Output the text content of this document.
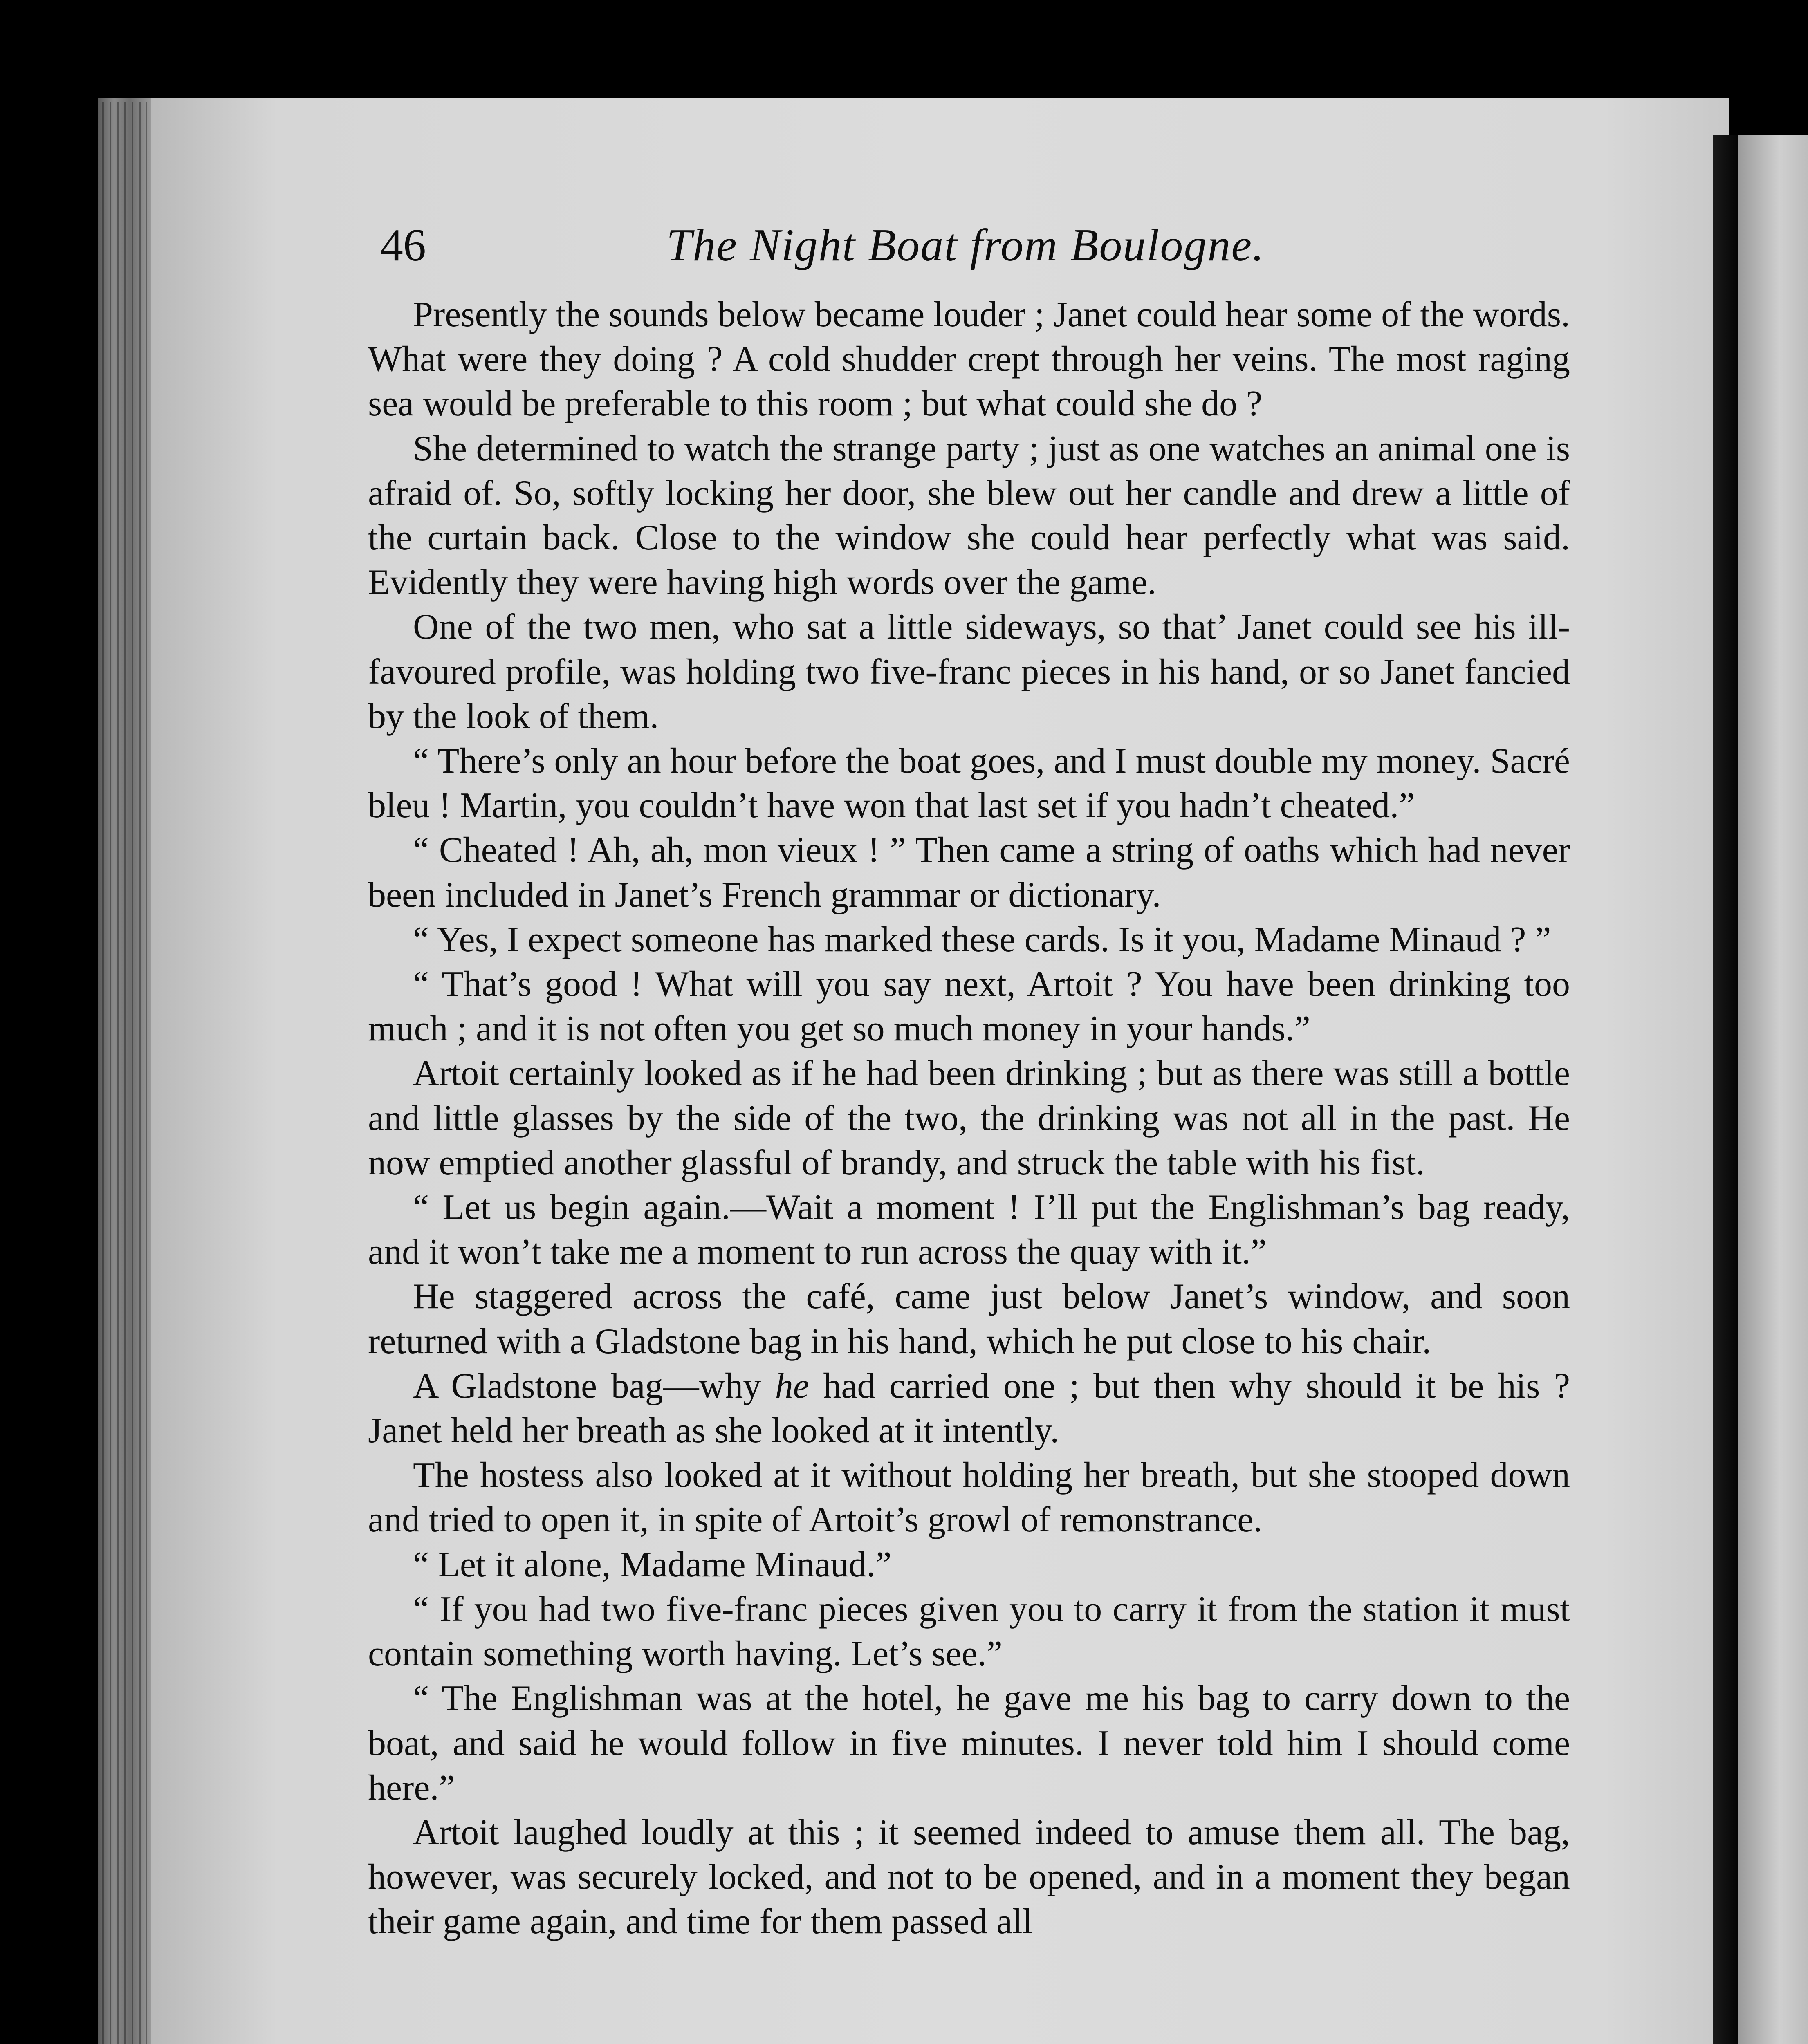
46	The Night Boat from Boulogne.

Presently the sounds below became louder ; Janet could hear some of the words. What were they doing ? A cold shudder crept through her veins. The most raging sea would be preferable to this room ; but what could she do ?

She determined to watch the strange party ; just as one watches an animal one is afraid of. So, softly locking her door, she blew out her candle and drew a little of the curtain back. Close to the window she could hear perfectly what was said. Evidently they were having high words over the game.

One of the two men, who sat a little sideways, so that’ Janet could see his ill-favoured profile, was holding two five-franc pieces in his hand, or so Janet fancied by the look of them.

“ There’s only an hour before the boat goes, and I must double my money. Sacré bleu ! Martin, you couldn’t have won that last set if you hadn’t cheated.”

“ Cheated ! Ah, ah, mon vieux ! ” Then came a string of oaths which had never been included in Janet’s French grammar or dictionary.

“ Yes, I expect someone has marked these cards. Is it you, Madame Minaud ? ”

“ That’s good ! What will you say next, Artoit ? You have been drinking too much ; and it is not often you get so much money in your hands.”

Artoit certainly looked as if he had been drinking ; but as there was still a bottle and little glasses by the side of the two, the drinking was not all in the past. He now emptied another glassful of brandy, and struck the table with his fist.

“ Let us begin again.—Wait a moment ! I’ll put the Englishman’s bag ready, and it won’t take me a moment to run across the quay with it.”

He staggered across the café, came just below Janet’s window, and soon returned with a Gladstone bag in his hand, which he put close to his chair.

A Gladstone bag—why he had carried one ; but then why should it be his ? Janet held her breath as she looked at it intently.

The hostess also looked at it without holding her breath, but she stooped down and tried to open it, in spite of Artoit’s growl of remonstrance.

“ Let it alone, Madame Minaud.”

“ If you had two five-franc pieces given you to carry it from the station it must contain something worth having. Let’s see.”

“ The Englishman was at the hotel, he gave me his bag to carry down to the boat, and said he would follow in five minutes. I never told him I should come here.”

Artoit laughed loudly at this ; it seemed indeed to amuse them all. The bag, however, was securely locked, and not to be opened, and in a moment they began their game again, and time for them passed all
